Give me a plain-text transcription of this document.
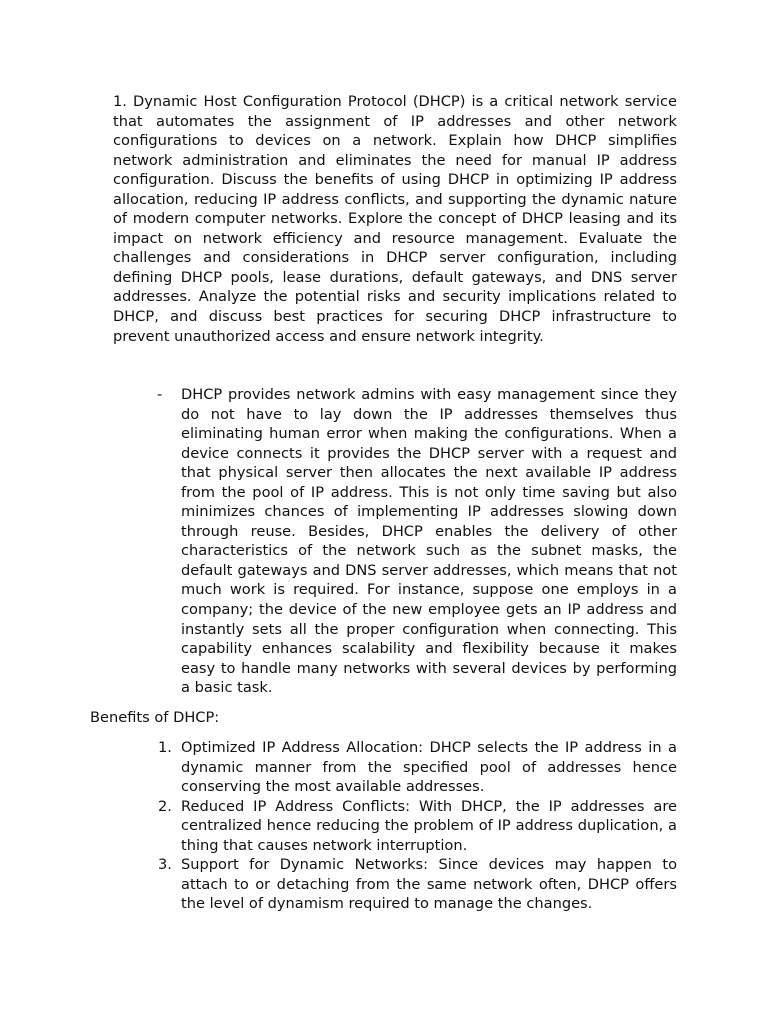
1. Dynamic Host Configuration Protocol (DHCP) is a critical network service that automates the assignment of IP addresses and other network configurations to devices on a network. Explain how DHCP simplifies network administration and eliminates the need for manual IP address configuration. Discuss the benefits of using DHCP in optimizing IP address allocation, reducing IP address conflicts, and supporting the dynamic nature of modern computer networks. Explore the concept of DHCP leasing and its impact on network efficiency and resource management. Evaluate the challenges and considerations in DHCP server configuration, including defining DHCP pools, lease durations, default gateways, and DNS server addresses. Analyze the potential risks and security implications related to DHCP, and discuss best practices for securing DHCP infrastructure to prevent unauthorized access and ensure network integrity.

- DHCP provides network admins with easy management since they do not have to lay down the IP addresses themselves thus eliminating human error when making the configurations. When a device connects it provides the DHCP server with a request and that physical server then allocates the next available IP address from the pool of IP address. This is not only time saving but also minimizes chances of implementing IP addresses slowing down through reuse. Besides, DHCP enables the delivery of other characteristics of the network such as the subnet masks, the default gateways and DNS server addresses, which means that not much work is required. For instance, suppose one employs in a company; the device of the new employee gets an IP address and instantly sets all the proper configuration when connecting. This capability enhances scalability and flexibility because it makes easy to handle many networks with several devices by performing a basic task.

Benefits of DHCP:

1. Optimized IP Address Allocation: DHCP selects the IP address in a dynamic manner from the specified pool of addresses hence conserving the most available addresses.
2. Reduced IP Address Conflicts: With DHCP, the IP addresses are centralized hence reducing the problem of IP address duplication, a thing that causes network interruption.
3. Support for Dynamic Networks: Since devices may happen to attach to or detaching from the same network often, DHCP offers the level of dynamism required to manage the changes.
